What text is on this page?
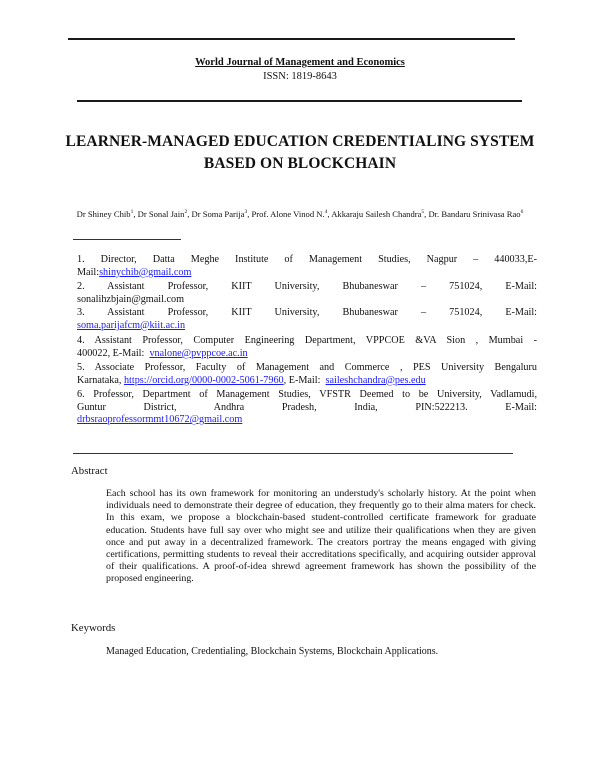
World Journal of Management and Economics
ISSN: 1819-8643
LEARNER-MANAGED EDUCATION CREDENTIALING SYSTEM
BASED ON BLOCKCHAIN
Dr Shiney Chib$^1$, Dr Sonal Jain$^2$, Dr Soma Parija$^3$, Prof. Alone Vinod N.$^4$, Akkaraju Sailesh Chandra$^5$, Dr. Bandaru Srinivasa Rao$^6$
1. Director, Datta Meghe Institute of Management Studies, Nagpur – 440033,E-
Mail:shinychib@gmail.com
2. Assistant Professor, KIIT University, Bhubaneswar – 751024, E-Mail:
sonalihzbjain@gmail.com
3. Assistant Professor, KIIT University, Bhubaneswar – 751024, E-Mail:
soma.parijafcm@kiit.ac.in
4. Assistant Professor, Computer Engineering Department, VPPCOE &VA Sion , Mumbai -
400022, E-Mail:  vnalone@pvppcoe.ac.in
5. Associate Professor, Faculty of Management and Commerce , PES University Bengaluru
Karnataka, https://orcid.org/0000-0002-5061-7960, E-Mail:  saileshchandra@pes.edu
6. Professor, Department of Management Studies, VFSTR Deemed to be University, Vadlamudi,
Guntur District, Andhra Pradesh, India, PIN:522213. E-Mail:
drbsraoprofessormmt10672@gmail.com
Abstract
Each school has its own framework for monitoring an understudy's scholarly history. At the point when individuals need to demonstrate their degree of education, they frequently go to their alma maters for check. In this exam, we propose a blockchain-based student-controlled certificate framework for graduate education. Students have full say over who might see and utilize their qualifications when they are given once and put away in a decentralized framework. The creators portray the means engaged with giving certifications, permitting students to reveal their accreditations specifically, and acquiring outsider approval of their qualifications. A proof-of-idea shrewd agreement framework has shown the possibility of the proposed engineering.
Keywords
Managed Education, Credentialing, Blockchain Systems, Blockchain Applications.
